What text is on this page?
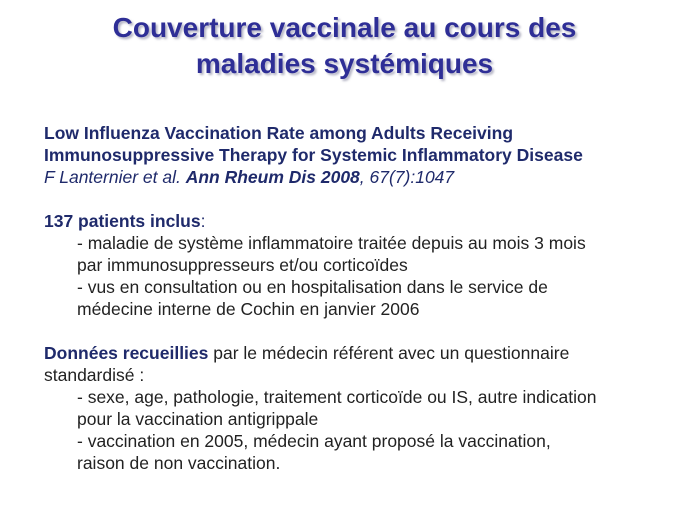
Couverture vaccinale au cours des
maladies systémiques
Low Influenza Vaccination Rate among Adults Receiving
Immunosuppressive Therapy for Systemic Inflammatory Disease
F Lanternier et al. Ann Rheum Dis 2008, 67(7):1047
137 patients inclus:
- maladie de système inflammatoire traitée depuis au mois 3 mois
par immunosuppresseurs et/ou corticoïdes
- vus en consultation ou en hospitalisation dans le service de
médecine interne de Cochin en janvier 2006
Données recueillies par le médecin référent avec un questionnaire
standardisé :
- sexe, age, pathologie, traitement corticoïde ou IS, autre indication
pour la vaccination antigrippale
- vaccination en 2005, médecin ayant proposé la vaccination,
raison de non vaccination.
